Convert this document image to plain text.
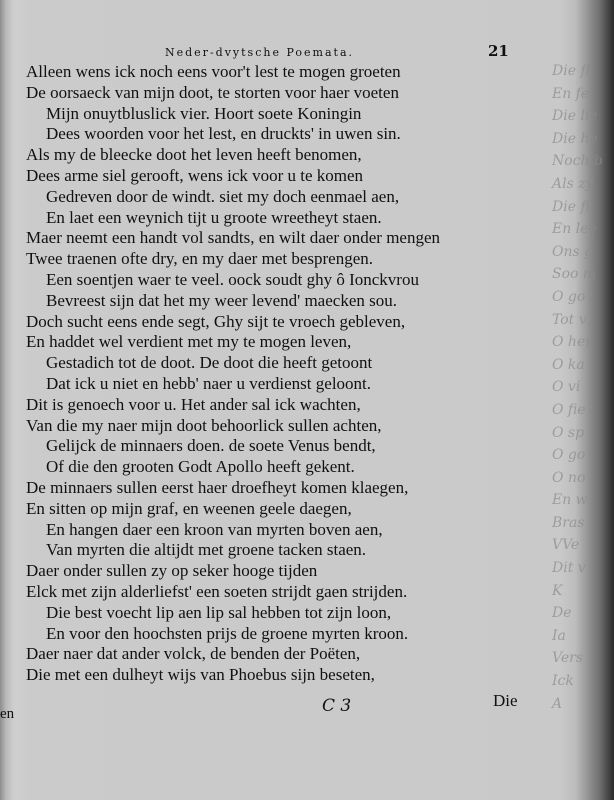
Die fl
En fe
Die lie
Die he
Noch b
Als zy
Die fi
En lee
Ons g
Soo m
O go
Tot v
O her
O ka
O vi
O fie
O sp
O go
O no
En w
Bras
VVe
Dit v
K
De
Ia
Vers
Ick
A
Neder-dvytsche Poemata.	21
Alleen wens ick noch eens voor't lest te mogen groeten
De oorsaeck van mijn doot, te storten voor haer voeten
Mijn onuytbluslick vier. Hoort soete Koningin
Dees woorden voor het lest, en druckts' in uwen sin.
Als my de bleecke doot het leven heeft benomen,
Dees arme siel gerooft, wens ick voor u te komen
Gedreven door de windt. siet my doch eenmael aen,
En laet een weynich tijt u groote wreetheyt staen.
Maer neemt een handt vol sandts, en wilt daer onder mengen
Twee traenen ofte dry, en my daer met besprengen.
Een soentjen waer te veel. oock soudt ghy ô Ionckvrou
Bevreest sijn dat het my weer levend' maecken sou.
Doch sucht eens ende segt, Ghy sijt te vroech gebleven,
En haddet wel verdient met my te mogen leven,
Gestadich tot de doot. De doot die heeft getoont
Dat ick u niet en hebb' naer u verdienst geloont.
Dit is genoech voor u. Het ander sal ick wachten,
Van die my naer mijn doot behoorlick sullen achten,
Gelijck de minnaers doen. de soete Venus bendt,
Of die den grooten Godt Apollo heeft gekent.
De minnaers sullen eerst haer droefheyt komen klaegen,
En sitten op mijn graf, en weenen geele daegen,
En hangen daer een kroon van myrten boven aen,
Van myrten die altijdt met groene tacken staen.
Daer onder sullen zy op seker hooge tijden
Elck met zijn alderliefst' een soeten strijdt gaen strijden.
Die best voecht lip aen lip sal hebben tot zijn loon,
En voor den hoochsten prijs de groene myrten kroon.
Daer naer dat ander volck, de benden der Poëten,
Die met een dulheyt wijs van Phoebus sijn beseten,
en	C 3	Die
